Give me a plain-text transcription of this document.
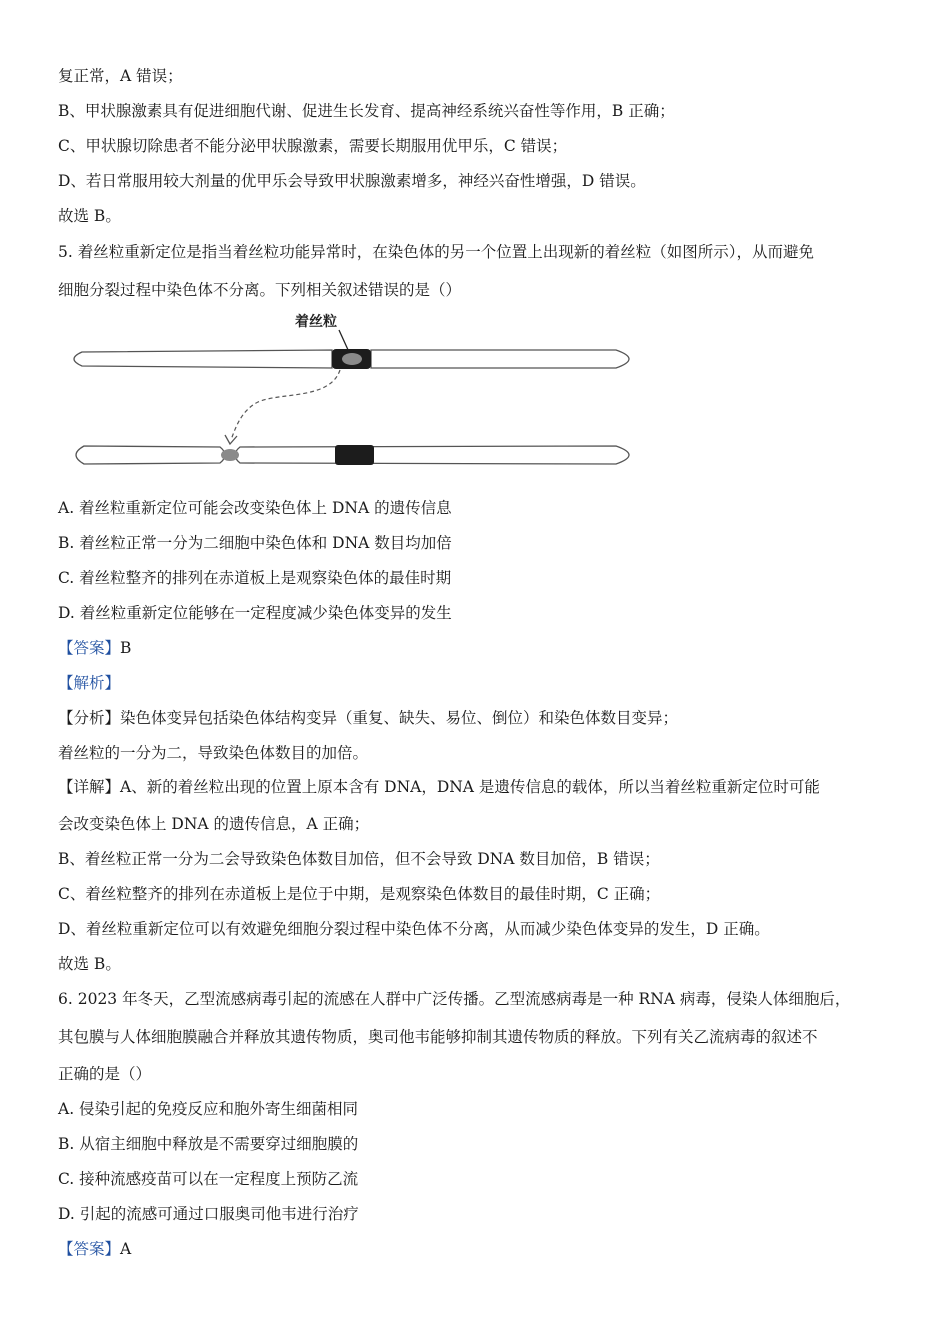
复正常，A 错误；
B、甲状腺激素具有促进细胞代谢、促进生长发育、提高神经系统兴奋性等作用，B 正确；
C、甲状腺切除患者不能分泌甲状腺激素，需要长期服用优甲乐，C 错误；
D、若日常服用较大剂量的优甲乐会导致甲状腺激素增多，神经兴奋性增强，D 错误。
故选 B。
5. 着丝粒重新定位是指当着丝粒功能异常时，在染色体的另一个位置上出现新的着丝粒（如图所示），从而避免
细胞分裂过程中染色体不分离。下列相关叙述错误的是（）
着丝粒
A. 着丝粒重新定位可能会改变染色体上 DNA 的遗传信息
B. 着丝粒正常一分为二细胞中染色体和 DNA 数目均加倍
C. 着丝粒整齐的排列在赤道板上是观察染色体的最佳时期
D. 着丝粒重新定位能够在一定程度减少染色体变异的发生
【答案】B
【解析】
【分析】染色体变异包括染色体结构变异（重复、缺失、易位、倒位）和染色体数目变异；
着丝粒的一分为二，导致染色体数目的加倍。
【详解】A、新的着丝粒出现的位置上原本含有 DNA，DNA 是遗传信息的载体，所以当着丝粒重新定位时可能
会改变染色体上 DNA 的遗传信息，A 正确；
B、着丝粒正常一分为二会导致染色体数目加倍，但不会导致 DNA 数目加倍，B 错误；
C、着丝粒整齐的排列在赤道板上是位于中期，是观察染色体数目的最佳时期，C 正确；
D、着丝粒重新定位可以有效避免细胞分裂过程中染色体不分离，从而减少染色体变异的发生，D 正确。
故选 B。
6. 2023 年冬天，乙型流感病毒引起的流感在人群中广泛传播。乙型流感病毒是一种 RNA 病毒，侵染人体细胞后，
其包膜与人体细胞膜融合并释放其遗传物质，奥司他韦能够抑制其遗传物质的释放。下列有关乙流病毒的叙述不
正确的是（）
A. 侵染引起的免疫反应和胞外寄生细菌相同
B. 从宿主细胞中释放是不需要穿过细胞膜的
C. 接种流感疫苗可以在一定程度上预防乙流
D. 引起的流感可通过口服奥司他韦进行治疗
【答案】A
